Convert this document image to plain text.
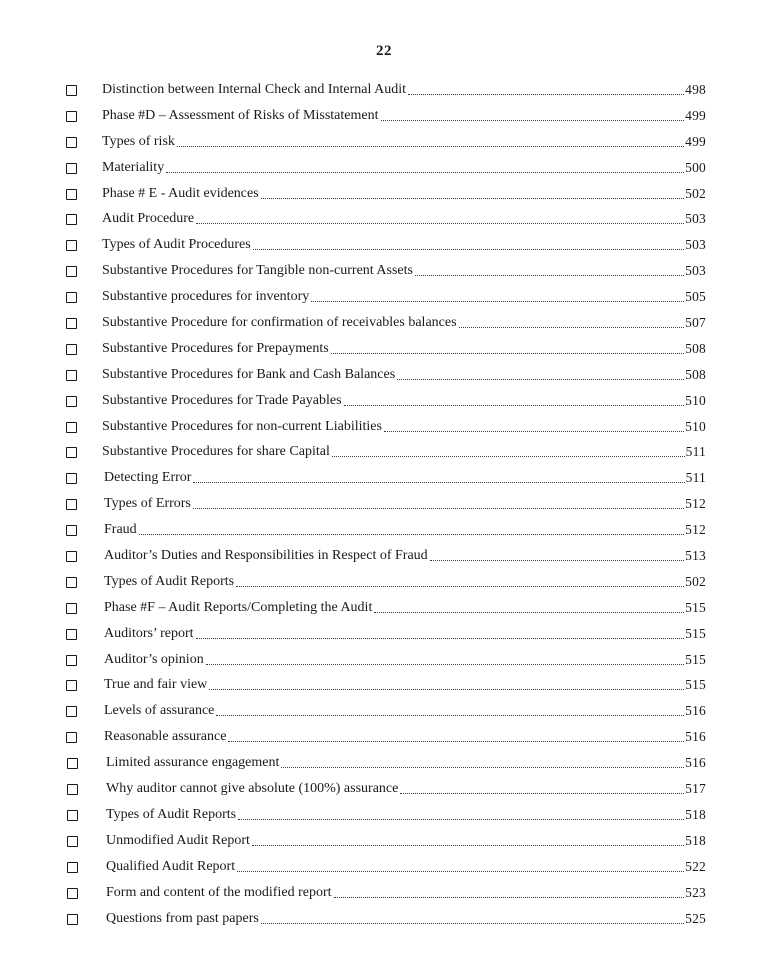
22
Distinction between Internal Check and Internal Audit	498
Phase #D – Assessment of Risks of Misstatement	499
Types of risk	499
Materiality	500
Phase # E - Audit evidences	502
Audit Procedure	503
Types of Audit Procedures	503
Substantive Procedures for Tangible non-current Assets	503
Substantive procedures for inventory	505
Substantive Procedure for confirmation of receivables balances	507
Substantive Procedures for Prepayments	508
Substantive Procedures for Bank and Cash Balances	508
Substantive Procedures for Trade Payables	510
Substantive Procedures for non-current Liabilities	510
Substantive Procedures for share Capital	511
Detecting Error	511
Types of Errors	512
Fraud	512
Auditor’s Duties and Responsibilities in Respect of Fraud	513
Types of Audit Reports	502
Phase #F – Audit Reports/Completing the Audit	515
Auditors’ report	515
Auditor’s opinion	515
True and fair view	515
Levels of assurance	516
Reasonable assurance	516
Limited assurance engagement	516
Why auditor cannot give absolute (100%) assurance	517
Types of Audit Reports	518
Unmodified Audit Report	518
Qualified Audit Report	522
Form and content of the modified report	523
Questions from past papers	525
